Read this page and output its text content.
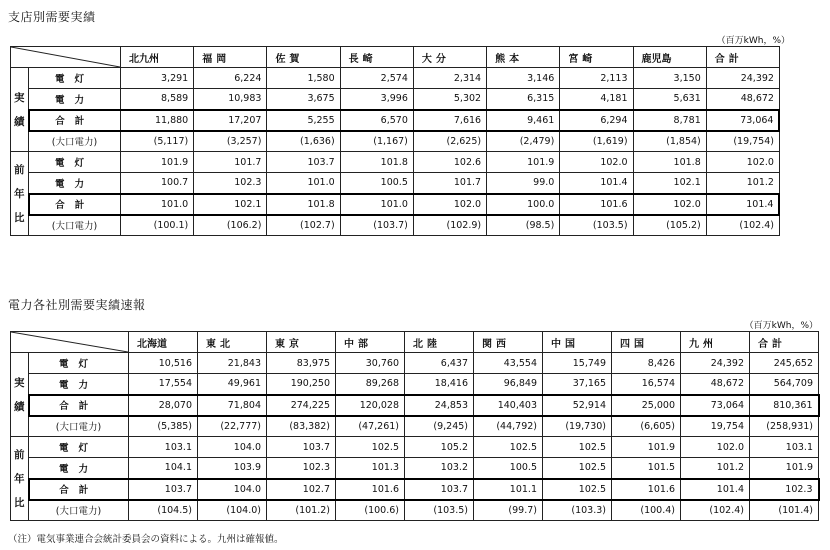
支店別需要実績
（百万kWh，%）
	北九州	福岡	佐賀	長崎	大分	熊本	宮崎	鹿児島	合計
実
績	電灯	3,291	6,224	1,580	2,574	2,314	3,146	2,113	3,150	24,392
	電力	8,589	10,983	3,675	3,996	5,302	6,315	4,181	5,631	48,672
	合計	11,880	17,207	5,255	6,570	7,616	9,461	6,294	8,781	73,064
	(大口電力)	(5,117)	(3,257)	(1,636)	(1,167)	(2,625)	(2,479)	(1,619)	(1,854)	(19,754)
前
年
比	電灯	101.9	101.7	103.7	101.8	102.6	101.9	102.0	101.8	102.0
	電力	100.7	102.3	101.0	100.5	101.7	99.0	101.4	102.1	101.2
	合計	101.0	102.1	101.8	101.0	102.0	100.0	101.6	102.0	101.4
	(大口電力)	(100.1)	(106.2)	(102.7)	(103.7)	(102.9)	(98.5)	(103.5)	(105.2)	(102.4)
電力各社別需要実績速報
（百万kWh，%）
	北海道	東北	東京	中部	北陸	関西	中国	四国	九州	合計
実
績	電灯	10,516	21,843	83,975	30,760	6,437	43,554	15,749	8,426	24,392	245,652
	電力	17,554	49,961	190,250	89,268	18,416	96,849	37,165	16,574	48,672	564,709
	合計	28,070	71,804	274,225	120,028	24,853	140,403	52,914	25,000	73,064	810,361
	(大口電力)	(5,385)	(22,777)	(83,382)	(47,261)	(9,245)	(44,792)	(19,730)	(6,605)	19,754	(258,931)
前
年
比	電灯	103.1	104.0	103.7	102.5	105.2	102.5	102.5	101.9	102.0	103.1
	電力	104.1	103.9	102.3	101.3	103.2	100.5	102.5	101.5	101.2	101.9
	合計	103.7	104.0	102.7	101.6	103.7	101.1	102.5	101.6	101.4	102.3
	(大口電力)	(104.5)	(104.0)	(101.2)	(100.6)	(103.5)	(99.7)	(103.3)	(100.4)	(102.4)	(101.4)
（注）電気事業連合会統計委員会の資料による。九州は確報値。
